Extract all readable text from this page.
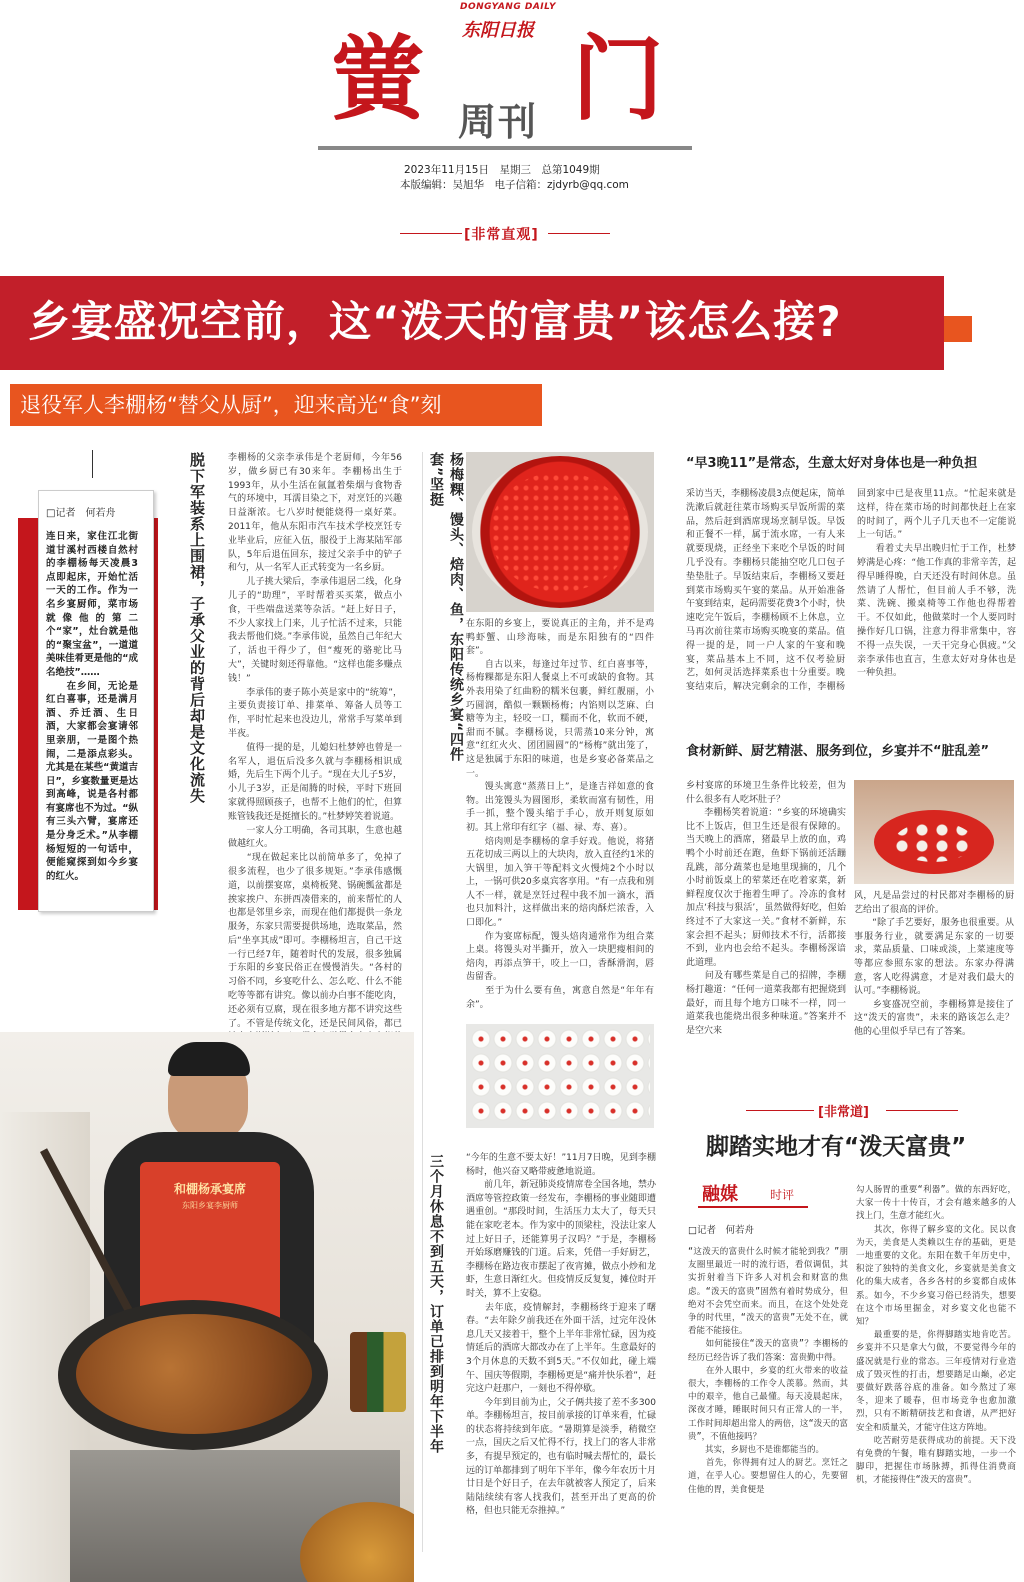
DONGYANG DAILY
东阳日报
黉 门
周刊
2023年11月15日　星期三　总第1049期
本版编辑：吴旭华　电子信箱：zjdyrb@qq.com
[非常直观]
乡宴盛况空前，这“泼天的富贵”该怎么接?
退役军人李棚杨“替父从厨”，迎来高光“食”刻
□记者　何若舟
连日来，家住江北街道甘溪村西楼自然村的李棚杨每天凌晨3点即起床，开始忙活一天的工作。作为一名乡宴厨师，菜市场就像他的第二个“家”，灶台就是他的“聚宝盆”，一道道美味佳肴更是他的“成名绝技”……
　　在乡间，无论是红白喜事，还是满月酒、乔迁酒、生日酒，大家都会宴请邻里亲朋，一是图个热闹，二是添点彩头。尤其是在某些“黄道吉日”，乡宴数量更是达到高峰，说是各村都有宴席也不为过。“纵有三头六臂，宴席还是分身乏术。”从李棚杨短短的一句话中，便能窥探到如今乡宴的红火。
脱下军装系上围裙，子承父业的背后却是文化流失 李棚杨的父亲李承伟是个老厨师，今年56岁，做乡厨已有30来年。李棚杨出生于1993年，从小生活在氤氲着柴烟与食物香气的环境中，耳濡目染之下，对烹饪的兴趣日益渐浓。七八岁时便能烧得一桌好菜。2011年，他从东阳市汽车技术学校烹饪专业毕业后，应征入伍，服役于上海某陆军部队，5年后退伍回东，接过父亲手中的铲子和勺，从一名军人正式转变为一名乡厨。
　　儿子挑大梁后，李承伟退居二线，化身儿子的“助理”，平时帮着买买菜，做点小食，干些端盘送菜等杂活。“赶上好日子，不少人家找上门来，儿子忙活不过来，只能我去帮他们烧。”李承伟说，虽然自己年纪大了，活也干得少了，但“瘦死的骆驼比马大”，关键时刻还得靠他。“这样也能多赚点钱！”
　　李承伟的妻子陈小英是家中的“统筹”，主要负责接订单、排菜单、筹备人员等工作，平时忙起来也没边儿，常常手写菜单到半夜。
　　值得一提的是，儿媳妇杜梦婷也曾是一名军人，退伍后没多久就与李棚杨相识成婚，先后生下两个儿子。“现在大儿子5岁，小儿子3岁，正是闹腾的时候，平时下班回家就得照顾孩子，也帮不上他们的忙，但算账管钱我还是挺擅长的。”杜梦婷笑着说道。
　　一家人分工明确，各司其职，生意也越做越红火。
　　“现在做起来比以前简单多了，免掉了很多流程，也少了很多规矩。”李承伟感慨道，以前摆宴席，桌椅板凳、锅碗瓢盆都是挨家挨户、东拼西凑借来的，前来帮忙的人也都是邻里乡亲，而现在他们都提供一条龙服务，东家只需要提供场地，选取菜品，然后“坐享其成”即可。李棚杨坦言，自己干这一行已经7年，随着时代的发展，很多独属于东阳的乡宴民俗正在慢慢消失。“各村的习俗不同，乡宴吃什么、怎么吃、什么不能吃等等都有讲究。像以前办白事不能吃肉，还必须有豆腐，现在很多地方都不讲究这些了。不管是传统文化，还是民间风俗，都已
和棚杨承宴席
东阳乡宴李厨师
杨梅粿、馒头、焙肉、鱼，东阳传统乡宴“四件套”坚挺
在东阳的乡宴上，要说真正的主角，并不是鸡鸭虾蟹、山珍海味，而是东阳独有的“四件套”。
　　自古以来，每逢过年过节、红白喜事等，杨梅粿都是东阳人餐桌上不可或缺的食物。其外表用染了红曲粉的糯米包裹，鲜红靓丽，小巧圆润，酷似一颗颗杨梅；内馅则以芝麻、白糖等为主，轻咬一口，糯而不化，软而不硬，甜而不腻。李棚杨说，只需蒸10来分钟，寓意“红红火火、团团圆圆”的“杨梅”就出笼了，这是独属于东阳的味道，也是乡宴必备菜品之一。
　　馒头寓意“蒸蒸日上”，是逢吉祥如意的食物。出笼馒头为圆图形，柔软而富有韧性，用手一抓，整个馒头缩于手心，放开则复原如初。其上常印有红字（福、禄、寿、喜）。
　　焙肉则是李棚杨的拿手好戏。他说，将猪五花切成三两以上的大块肉，放入直径约1米的大锅里，加入笋干等配料文火慢炖2个小时以上，一锅可供20多桌宾客享用。“有一点我和别人不一样，就是烹饪过程中我不加一滴水，酒也只加料汁，这样做出来的焙肉酥烂浓香，入口即化。”
　　作为宴席标配，馒头焙肉通常作为组合菜上桌。将馒头对半撕开，放入一块肥瘦相间的焙肉，再添点笋干，咬上一口，香酥滑润，唇齿留香。
　　至于为什么要有鱼，寓意自然是“年年有余”。
三个月休息不到五天，订单已排到明年下半年 “今年的生意不要太好！”11月7日晚，见到李棚杨时，他兴奋又略带疲惫地说道。
　　前几年，新冠肺炎疫情席卷全国各地，禁办酒席等管控政策一经发布，李棚杨的事业随即遭遇重创。“那段时间，生活压力太大了，每天只能在家吃老本。作为家中的顶梁柱，没法让家人过上好日子，还能算男子汉吗？”于是，李棚杨开始琢磨赚钱的门道。后来，凭借一手好厨艺，李棚杨在路边夜市摆起了夜宵摊，做点小炒和龙虾，生意日渐红火。但疫情反反复复，摊位时开时关，算不上安稳。
　　去年底，疫情解封，李棚杨终于迎来了曙春。“去年除夕前我还在外面干活，过完年没休息几天又接着干，整个上半年非常忙碌，因为疫情延后的酒席大都改办在了上半年。生意最好的3个月休息的天数不到5天。”不仅如此，碰上端午、国庆等假期，李棚杨更是“痛并快乐着”，赶完这户赶那户，一刻也不得停歇。
　　今年到目前为止，父子俩共接了差不多300单。李棚杨坦言，按目前承接的订单来看，忙碌的状态将持续到年底。“暑期算是淡季，稍微空一点，国庆之后又忙得不行，找上门的客人非常多，有提早预定的，也有临时喊去帮忙的，最长远的订单都排到了明年下半年，像今年农历十月廿日是个好日子，在去年就被客人预定了，后来陆陆续续有客人找我们，甚至开出了更高的价格，但也只能无奈推掉。”
“早3晚11”是常态，生意太好对身体也是一种负担
采访当天，李棚杨凌晨3点便起床，简单洗漱后就赶往菜市场购买早饭所需的菜品，然后赶到酒席现场烹制早饭。早饭和正餐不一样，属于流水席，一有人来就要现烧，正经坐下来吃个早饭的时间几乎没有。李棚杨只能抽空吃几口包子垫垫肚子。早饭结束后，李棚杨又要赶到菜市场购买午宴的菜品。从开始准备午宴到结束，起码需要花费3个小时，快速吃完午饭后，李棚杨顾不上休息，立马再次前往菜市场购买晚宴的菜品。值得一提的是，同一户人家的午宴和晚宴，菜品基本上不同，这不仅考验厨艺，如何灵活选择菜系也十分重要。晚宴结束后，解决完剩余的工作，李棚杨回到家中已是夜里11点。“忙起来就是这样，待在菜市场的时间都快赶上在家的时间了，两个儿子几天也不一定能说上一句话。”
　　看着丈夫早出晚归忙于工作，杜梦婷满是心疼：“他工作真的非常辛苦，起得早睡得晚，白天还没有时间休息。虽然请了人帮忙，但目前人手不够，洗菜、洗碗、搬桌椅等工作他也得帮着干。不仅如此，他做菜时一个人要同时操作好几口锅，注意力得非常集中，容不得一点失误，一天干完身心俱疲。”父亲李承伟也直言，生意太好对身体也是一种负担。
食材新鲜、厨艺精湛、服务到位，乡宴并不“脏乱差”
乡村宴席的环境卫生条件比较差，但为什么很多有人吃坏肚子？
　　李棚杨笑着说道：“乡宴的环境确实比不上饭店，但卫生还是很有保障的。当天晚上的酒席，猪最早上放的血，鸡鸭个小时前还在跑，鱼虾下锅前还活蹦乱跳，部分蔬菜也是地里现摘的，几个小时前饭桌上的荤菜还在吃着家菜，新鲜程度仅次于拖着生呷了。冷冻的食材加点‘科技与狠活’，虽然做得好吃，但始终过不了大家这一关。”食材不新鲜，东家会担不起头；厨师技术不行，活都接不到，业内也会给不起头。李棚杨深谙此道理。
　　问及有哪些菜是自己的招牌，李棚杨打趣道：“任何一道菜我都有把握烧到最好，而且每个地方口味不一样，同一道菜我也能烧出很多种味道。”答案并不是空穴来
风，凡是品尝过的村民都对李棚杨的厨艺给出了很高的评价。
　　“除了手艺要好，服务也很重要。从事服务行业，就要满足东家的一切要求，菜品质量、口味或淡，上菜速度等等都应参照东家的想法。东家办得满意，客人吃得满意，才是对我们最大的认可。”李棚杨说。
　　乡宴盛况空前，李棚杨算是接住了这“泼天的富贵”，未来的路该怎么走？他的心里似乎早已有了答案。
[非常道]
脚踏实地才有“泼天富贵”
融媒	时评
□记者　何若舟
“这泼天的富贵什么时候才能轮到我？”朋友圈里最近一时的流行语，看似调侃，其实折射着当下许多人对机会和财富的焦虑。“泼天的富贵”固然有着时势成分，但绝对不会凭空而来。而且，在这个处处竞争的时代里，“泼天的富贵”无处不在，就看能不能接住。
　　如何能接住“泼天的富贵”？李棚杨的经历已经告诉了我们答案：富贵勤中得。
　　在外人眼中，乡宴的红火带来的收益很大，李棚杨的工作令人羡慕。然而，其中的艰辛，他自己最懂。每天凌晨起床，深夜才睡，睡眠时间只有正常人的一半，工作时间却超出常人的两倍，这“泼天的富贵”，不值他接吗？
　　其实，乡厨也不是谁都能当的。
　　首先，你得拥有过人的厨艺。烹饪之道，在乎人心。要想留住人的心，先要留住他的胃，美食便是
勾人肠胃的重要“利器”。做的东西好吃，大家一传十十传百，才会有越来越多的人找上门，生意才能红火。
　　其次，你得了解乡宴的文化。民以食为天，美食是人类赖以生存的基础，更是一地重要的文化。东阳在数千年历史中，积淀了独特的美食文化，乡宴就是美食文化的集大成者，各乡各村的乡宴都自成体系。如今，不少乡宴习俗已经消失，想要在这个市场里掘金，对乡宴文化也能不知？
　　最重要的是，你得脚踏实地肯吃苦。乡宴并不只是拿大勺做，不要觉得今年的盛况就是行业的常态。三年疫情对行业造成了毁灭性的打击，想要踏足山巅，必定要做好跌落谷底的准备。如今熬过了寒冬，迎来了暖春，但市场竞争也愈加激烈，只有不断精研技艺和食谱，从严把好安全和质量关，才能守住这方阵地。
　　吃苦耐劳是获得成功的前提。天下没有免费的午餐，唯有脚踏实地，一步一个脚印，把握住市场脉搏，抓得住消费商机，才能接得住“泼天的富贵”。
